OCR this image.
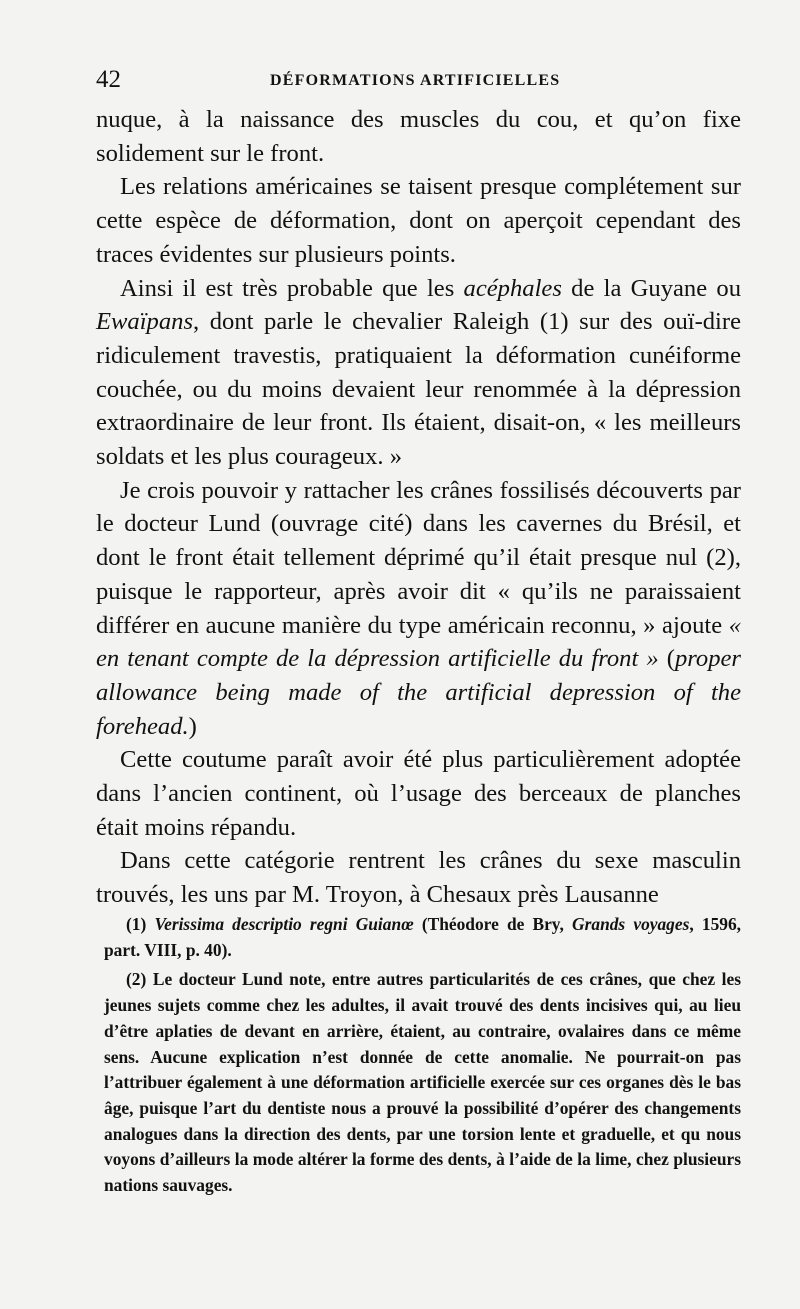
42	DÉFORMATIONS ARTIFICIELLES

nuque, à la naissance des muscles du cou, et qu’on fixe solidement sur le front.

Les relations américaines se taisent presque complétement sur cette espèce de déformation, dont on aperçoit cependant des traces évidentes sur plusieurs points.

Ainsi il est très probable que les acéphales de la Guyane ou Ewaïpans, dont parle le chevalier Raleigh (1) sur des ouï-dire ridiculement travestis, pratiquaient la déformation cunéiforme couchée, ou du moins devaient leur renommée à la dépression extraordinaire de leur front. Ils étaient, disait-on, « les meilleurs soldats et les plus courageux. »

Je crois pouvoir y rattacher les crânes fossilisés découverts par le docteur Lund (ouvrage cité) dans les cavernes du Brésil, et dont le front était tellement déprimé qu’il était presque nul (2), puisque le rapporteur, après avoir dit « qu’ils ne paraissaient différer en aucune manière du type américain reconnu, » ajoute « en tenant compte de la dépression artificielle du front » (proper allowance being made of the artificial depression of the forehead.)

Cette coutume paraît avoir été plus particulièrement adoptée dans l’ancien continent, où l’usage des berceaux de planches était moins répandu.

Dans cette catégorie rentrent les crânes du sexe masculin trouvés, les uns par M. Troyon, à Chesaux près Lausanne

(1) Verissima descriptio regni Guianœ (Théodore de Bry, Grands voyages, 1596, part. VIII, p. 40).

(2) Le docteur Lund note, entre autres particularités de ces crânes, que chez les jeunes sujets comme chez les adultes, il avait trouvé des dents incisives qui, au lieu d’être aplaties de devant en arrière, étaient, au contraire, ovalaires dans ce même sens. Aucune explication n’est donnée de cette anomalie. Ne pourrait-on pas l’attribuer également à une déformation artificielle exercée sur ces organes dès le bas âge, puisque l’art du dentiste nous a prouvé la possibilité d’opérer des changements analogues dans la direction des dents, par une torsion lente et graduelle, et qu nous voyons d’ailleurs la mode altérer la forme des dents, à l’aide de la lime, chez plusieurs nations sauvages.
